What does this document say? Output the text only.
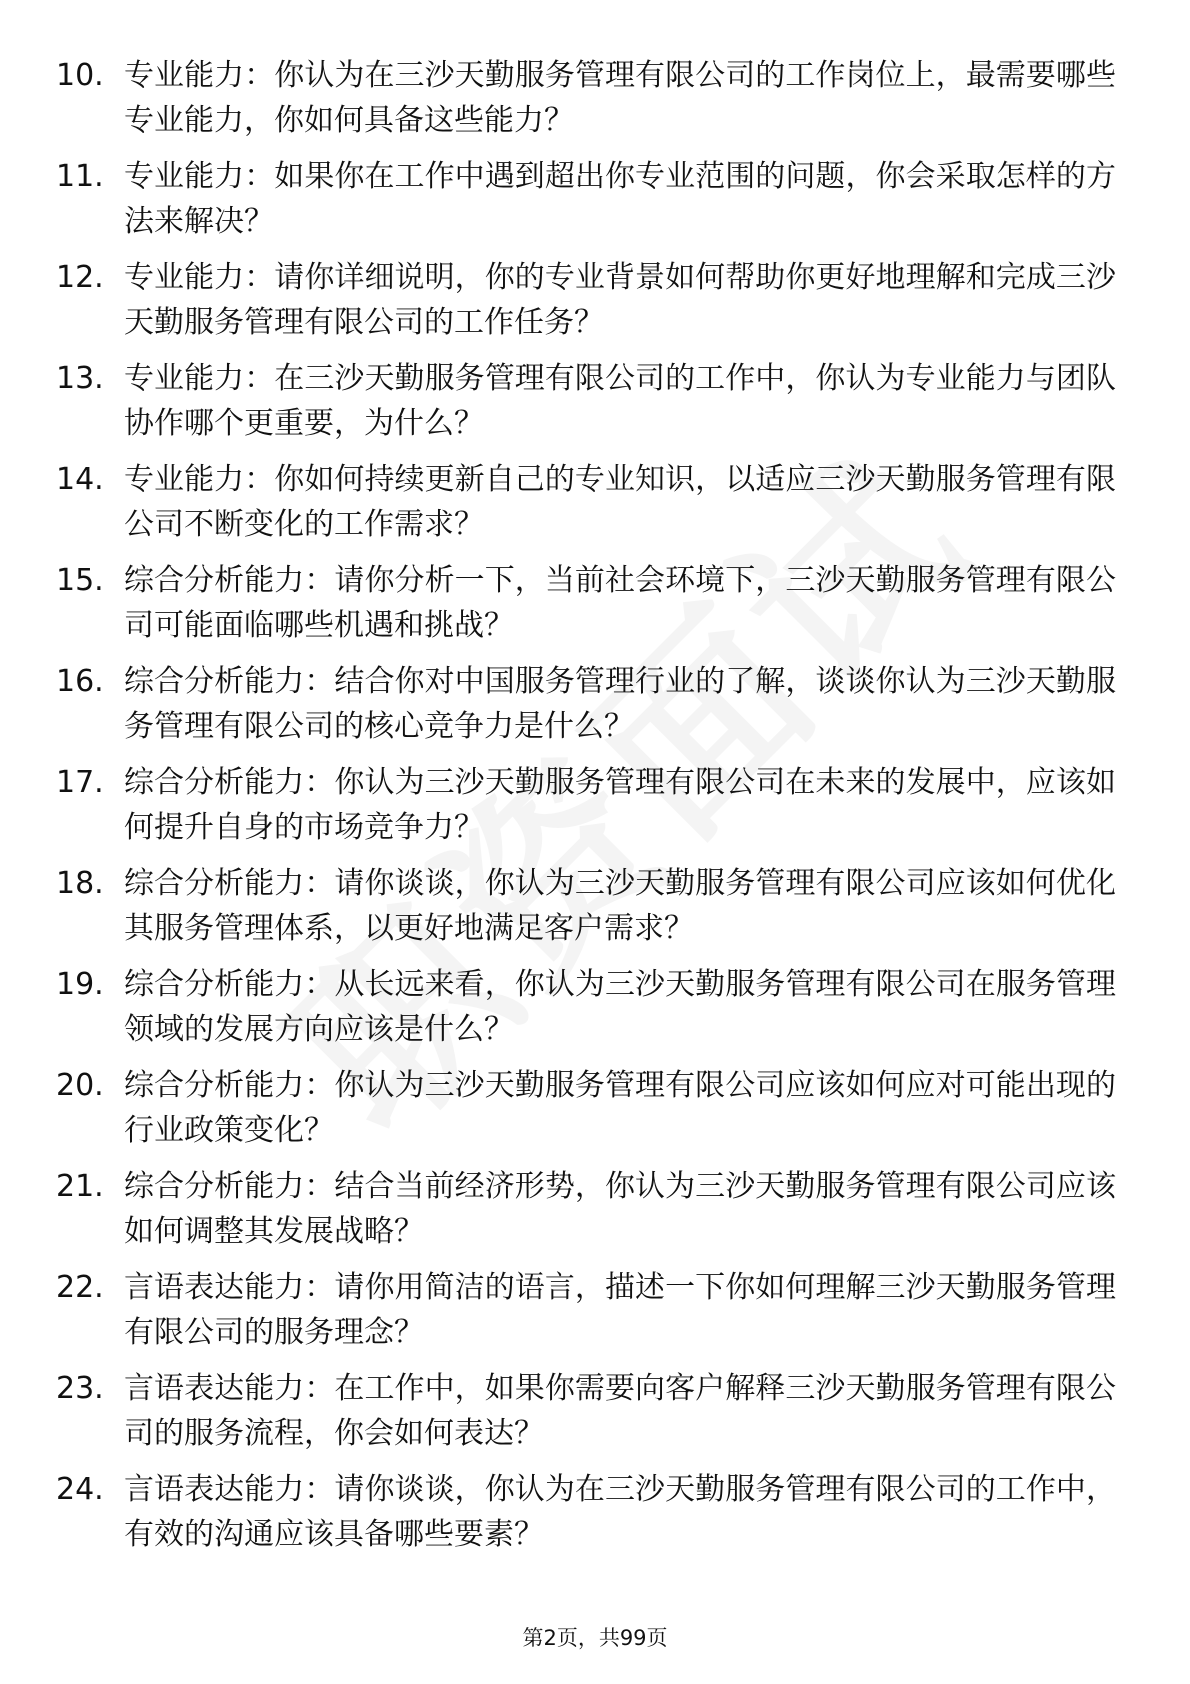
10. 专业能力：你认为在三沙天勤服务管理有限公司的工作岗位上，最需要哪些专业能力，你如何具备这些能力？
11. 专业能力：如果你在工作中遇到超出你专业范围的问题，你会采取怎样的方法来解决？
12. 专业能力：请你详细说明，你的专业背景如何帮助你更好地理解和完成三沙天勤服务管理有限公司的工作任务？
13. 专业能力：在三沙天勤服务管理有限公司的工作中，你认为专业能力与团队协作哪个更重要，为什么？
14. 专业能力：你如何持续更新自己的专业知识，以适应三沙天勤服务管理有限公司不断变化的工作需求？
15. 综合分析能力：请你分析一下，当前社会环境下，三沙天勤服务管理有限公司可能面临哪些机遇和挑战？
16. 综合分析能力：结合你对中国服务管理行业的了解，谈谈你认为三沙天勤服务管理有限公司的核心竞争力是什么？
17. 综合分析能力：你认为三沙天勤服务管理有限公司在未来的发展中，应该如何提升自身的市场竞争力？
18. 综合分析能力：请你谈谈，你认为三沙天勤服务管理有限公司应该如何优化其服务管理体系，以更好地满足客户需求？
19. 综合分析能力：从长远来看，你认为三沙天勤服务管理有限公司在服务管理领域的发展方向应该是什么？
20. 综合分析能力：你认为三沙天勤服务管理有限公司应该如何应对可能出现的行业政策变化？
21. 综合分析能力：结合当前经济形势，你认为三沙天勤服务管理有限公司应该如何调整其发展战略？
22. 言语表达能力：请你用简洁的语言，描述一下你如何理解三沙天勤服务管理有限公司的服务理念？
23. 言语表达能力：在工作中，如果你需要向客户解释三沙天勤服务管理有限公司的服务流程，你会如何表达？
24. 言语表达能力：请你谈谈，你认为在三沙天勤服务管理有限公司的工作中，有效的沟通应该具备哪些要素？
第2页，共99页
